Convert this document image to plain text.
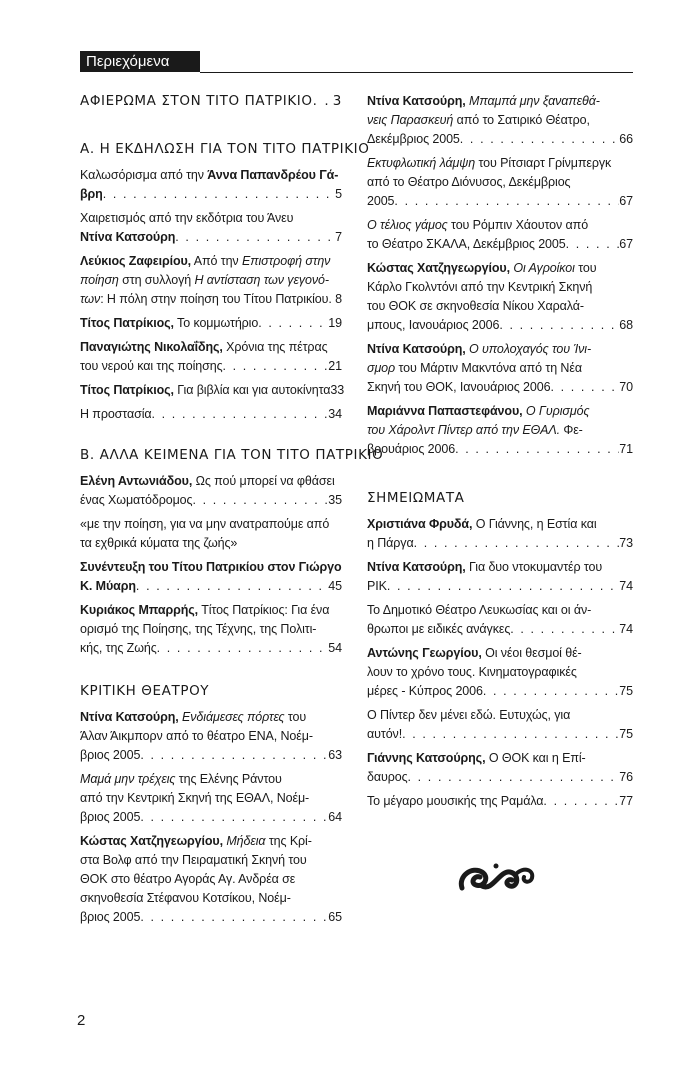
Περιεχόμενα
ΑΦΙΕΡΩΜΑ ΣΤΟΝ ΤΙΤΟ ΠΑΤΡΙΚΙΟ . . . 3
Α. Η ΕΚΔΗΛΩΣΗ ΓΙΑ ΤΟΝ ΤΙΤΟ ΠΑΤΡΙΚΙΟ
Καλωσόρισμα από την Άννα Παπανδρέου Γά-
βρη . . .	5
Χαιρετισμός από την εκδότρια του Άνευ
Ντίνα Κατσούρη . . .	7
Λεύκιος Ζαφειρίου, Από την Επιστροφή στην
ποίηση στη συλλογή Η αντίσταση των γεγονό-

των: Η πόλη στην ποίηση του Τίτου Πατρικίου . . . 8
Τίτος Πατρίκιος, Το κομμωτήριο . . .	19
Παναγιώτης Νικολαΐδης, Χρόνια της πέτρας
του νερού και της ποίησης . . .	21
Τίτος Πατρίκιος, Για βιβλία και για αυτοκίνητα 33
Η προστασία . . .	34
Β. ΑΛΛΑ ΚΕΙΜΕΝΑ ΓΙΑ ΤΟΝ ΤΙΤΟ ΠΑΤΡΙΚΙΟ
Ελένη Αντωνιάδου, Ως πού μπορεί να φθάσει
ένας Χωματόδρομος . . .	35
«με την ποίηση, για να μην ανατραπούμε από
τα εχθρικά κύματα της ζωής»
Συνέντευξη του Τίτου Πατρικίου στον Γιώργο
Κ. Μύαρη . . .	45
Κυριάκος Μπαρρής, Τίτος Πατρίκιος: Για ένα
ορισμό της Ποίησης, της Τέχνης, της Πολιτι-
κής, της Ζωής . . .	54
ΚΡΙΤΙΚΗ ΘΕΑΤΡΟΥ
Ντίνα Κατσούρη, Ενδιάμεσες πόρτες του
Άλαν Άικμπορν από το θέατρο ΕΝΑ, Νοέμ-
βριος 2005 . . .	63
Μαμά μην τρέχεις της Ελένης Ράντου
από την Κεντρική Σκηνή της ΕΘΑΛ, Νοέμ-
βριος 2005 . . .	64
Κώστας Χατζηγεωργίου, Μήδεια της Κρί-
στα Βολφ από την Πειραματική Σκηνή του
ΘΟΚ στο θέατρο Αγοράς Αγ. Ανδρέα σε
σκηνοθεσία Στέφανου Κοτσίκου, Νοέμ-
βριος 2005 . . .	65
Ντίνα Κατσούρη, Μπαμπά μην ξαναπεθά-
νεις Παρασκευή από το Σατιρικό Θέατρο,
Δεκέμβριος 2005 . . .	66
Εκτυφλωτική λάμψη του Ρίτσιαρτ Γρίνμπεργκ
από το Θέατρο Διόνυσος, Δεκέμβριος
2005 . . .	67
Ο τέλιος γάμος του Ρόμπιν Χάουτον από
το Θέατρο ΣΚΑΛΑ, Δεκέμβριος 2005 . . .	67
Κώστας Χατζηγεωργίου, Οι Αγροίκοι του
Κάρλο Γκολντόνι από την Κεντρική Σκηνή
του ΘΟΚ σε σκηνοθεσία Νίκου Χαραλά-
μπους, Ιανουάριος 2006 . . .	68
Ντίνα Κατσούρη, Ο υπολοχαγός του Ίνι-
σμορ του Μάρτιν Μακντόνα από τη Νέα
Σκηνή του ΘΟΚ, Ιανουάριος 2006 . . .	70
Μαριάννα Παπαστεφάνου, Ο Γυρισμός
του Χάρολντ Πίντερ από την ΕΘΑΛ. Φε-
βρουάριος 2006 . . .	71
ΣΗΜΕΙΩΜΑΤΑ
Χριστιάνα Φρυδά, Ο Γιάννης, η Εστία και
η Πάργα . . .	73
Ντίνα Κατσούρη, Για δυο ντοκυμαντέρ του
ΡΙΚ . . .	74
Το Δημοτικό Θέατρο Λευκωσίας και οι άν-
θρωποι με ειδικές ανάγκες . . .	74
Αντώνης Γεωργίου, Οι νέοι θεσμοί θέ-
λουν το χρόνο τους. Κινηματογραφικές
μέρες - Κύπρος 2006 . . .	75
Ο Πίντερ δεν μένει εδώ. Ευτυχώς, για
αυτόν! . . .	75
Γιάννης Κατσούρης, Ο ΘΟΚ και η Επί-
δαυρος . . .	76
Το μέγαρο μουσικής της Ραμάλα . . .	77
2
